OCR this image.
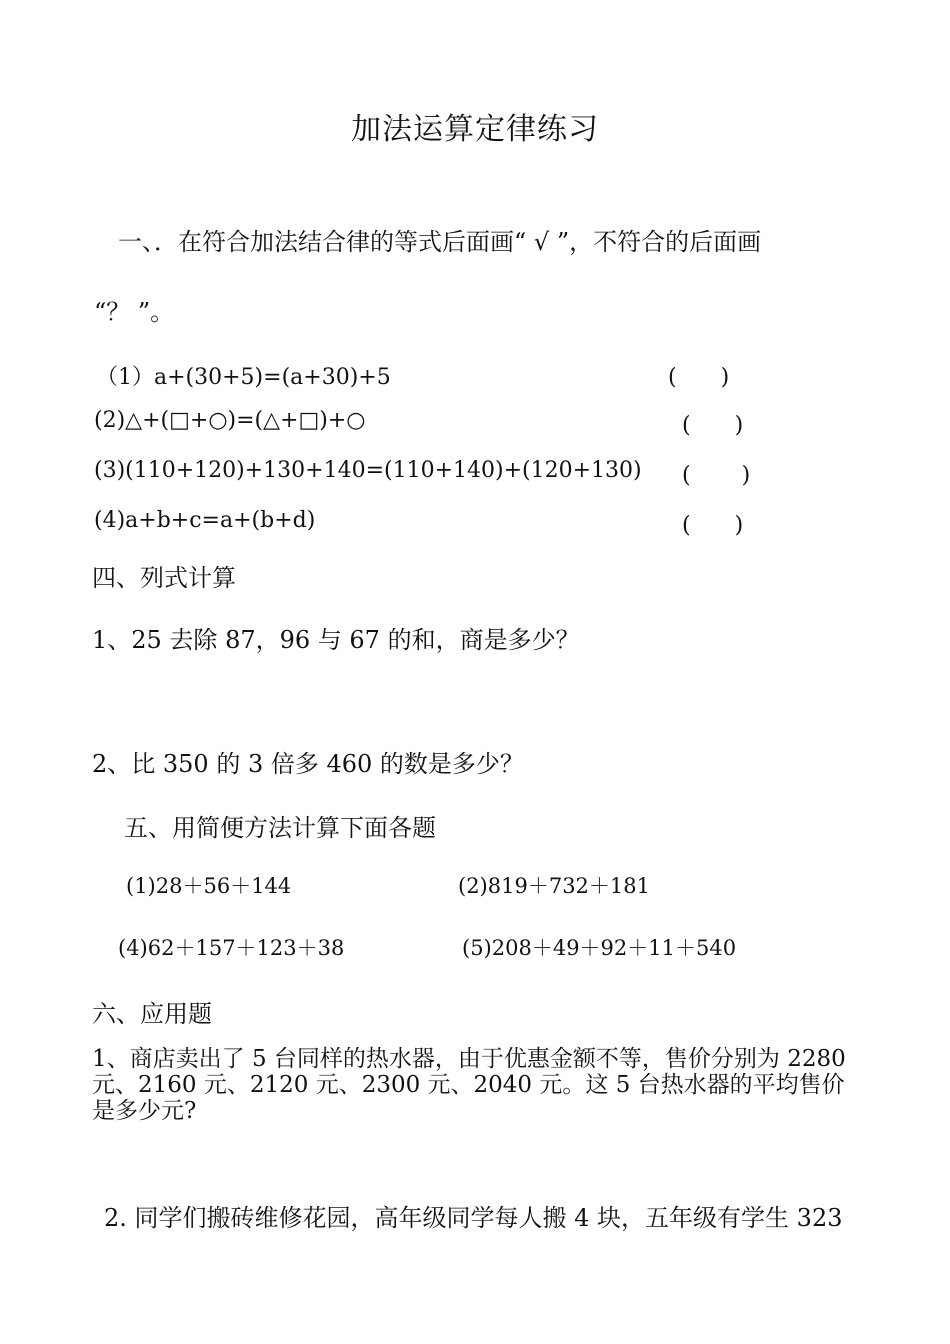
加法运算定律练习
一、．在符合加法结合律的等式后面画“ √ ”，不符合的后面画
“？ ”。
（1）a+(30+5)=(a+30)+5	(　　)
(2)△+(□+○)=(△+□)+○	(　　)
(3)(110+120)+130+140=(110+140)+(120+130) (　　 )
(4)a+b+c=a+(b+d)	(　　)
四、列式计算
1、25 去除 87，96 与 67 的和，商是多少？
2、比 350 的 3 倍多 460 的数是多少？
五、用简便方法计算下面各题
(1)28＋56＋144	(2)819＋732＋181
(4)62＋157＋123＋38	(5)208＋49＋92＋11＋540
六、应用题
1、商店卖出了 5 台同样的热水器，由于优惠金额不等，售价分别为 2280 元、2160 元、2120 元、2300 元、2040 元。这 5 台热水器的平均售价是多少元?
2. 同学们搬砖维修花园，高年级同学每人搬 4 块，五年级有学生 323
